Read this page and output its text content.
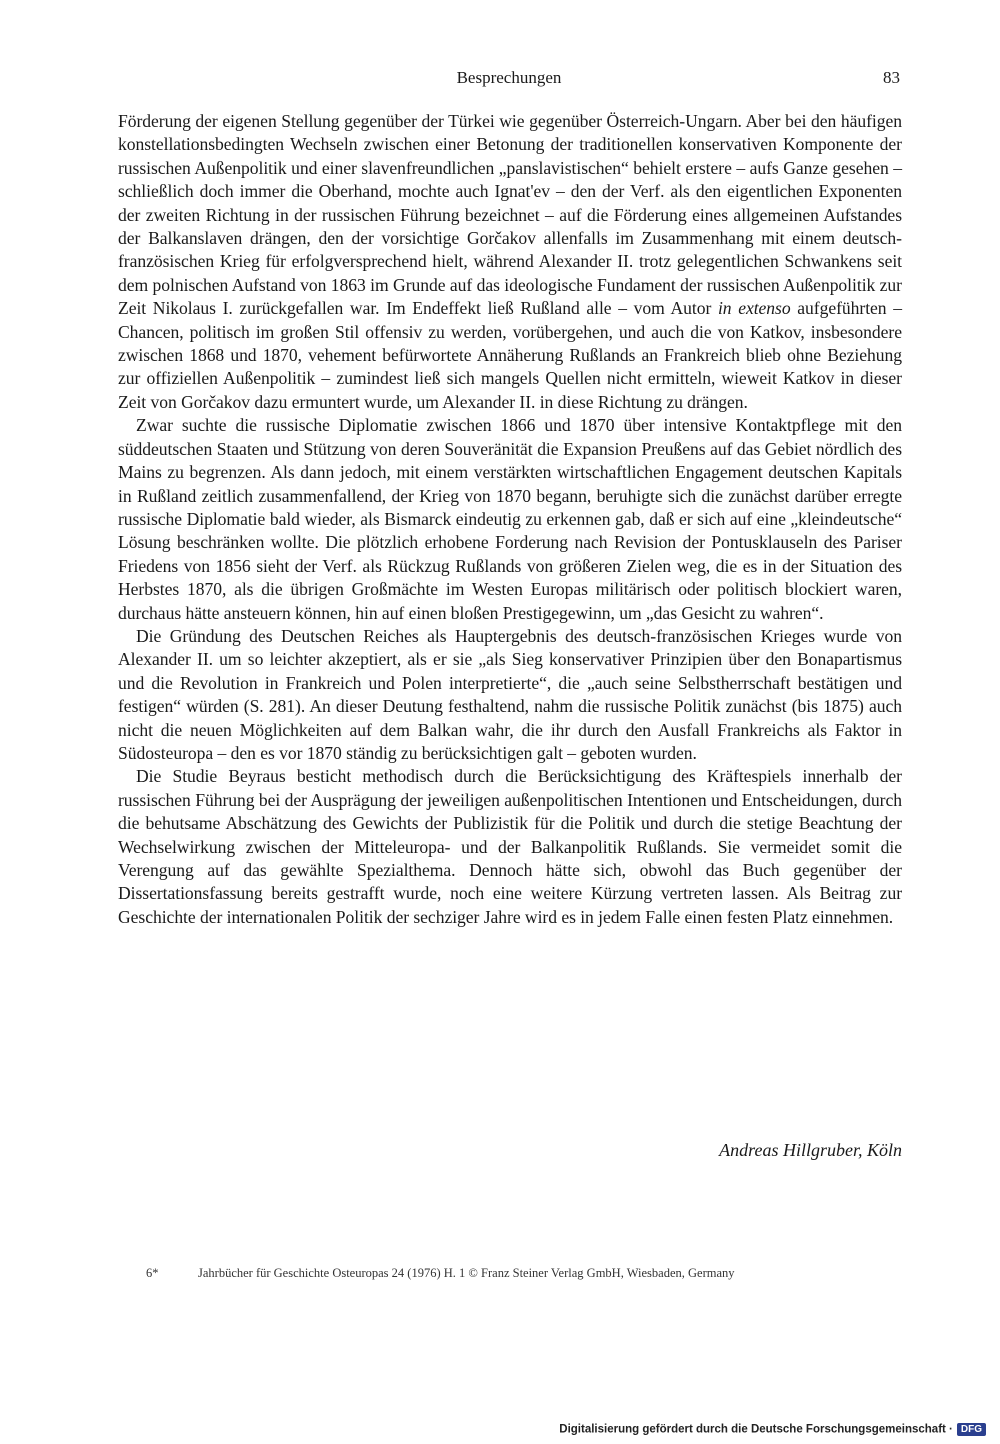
Besprechungen	83

Förderung der eigenen Stellung gegenüber der Türkei wie gegenüber Österreich-Ungarn. Aber bei den häufigen konstellationsbedingten Wechseln zwischen einer Betonung der traditionellen konservativen Komponente der russischen Außenpolitik und einer slavenfreundlichen „panslavistischen“ behielt erstere – aufs Ganze gesehen – schließlich doch immer die Oberhand, mochte auch Ignat'ev – den der Verf. als den eigentlichen Exponenten der zweiten Richtung in der russischen Führung bezeichnet – auf die Förderung eines allgemeinen Aufstandes der Balkanslaven drängen, den der vorsichtige Gorčakov allenfalls im Zusammenhang mit einem deutsch-französischen Krieg für erfolgversprechend hielt, während Alexander II. trotz gelegentlichen Schwankens seit dem polnischen Aufstand von 1863 im Grunde auf das ideologische Fundament der russischen Außenpolitik zur Zeit Nikolaus I. zurückgefallen war. Im Endeffekt ließ Rußland alle – vom Autor in extenso aufgeführten – Chancen, politisch im großen Stil offensiv zu werden, vorübergehen, und auch die von Katkov, insbesondere zwischen 1868 und 1870, vehement befürwortete Annäherung Rußlands an Frankreich blieb ohne Beziehung zur offiziellen Außenpolitik – zumindest ließ sich mangels Quellen nicht ermitteln, wieweit Katkov in dieser Zeit von Gorčakov dazu ermuntert wurde, um Alexander II. in diese Richtung zu drängen.

Zwar suchte die russische Diplomatie zwischen 1866 und 1870 über intensive Kontaktpflege mit den süddeutschen Staaten und Stützung von deren Souveränität die Expansion Preußens auf das Gebiet nördlich des Mains zu begrenzen. Als dann jedoch, mit einem verstärkten wirtschaftlichen Engagement deutschen Kapitals in Rußland zeitlich zusammenfallend, der Krieg von 1870 begann, beruhigte sich die zunächst darüber erregte russische Diplomatie bald wieder, als Bismarck eindeutig zu erkennen gab, daß er sich auf eine „kleindeutsche“ Lösung beschränken wollte. Die plötzlich erhobene Forderung nach Revision der Pontusklauseln des Pariser Friedens von 1856 sieht der Verf. als Rückzug Rußlands von größeren Zielen weg, die es in der Situation des Herbstes 1870, als die übrigen Großmächte im Westen Europas militärisch oder politisch blockiert waren, durchaus hätte ansteuern können, hin auf einen bloßen Prestigegewinn, um „das Gesicht zu wahren“.

Die Gründung des Deutschen Reiches als Hauptergebnis des deutsch-französischen Krieges wurde von Alexander II. um so leichter akzeptiert, als er sie „als Sieg konservativer Prinzipien über den Bonapartismus und die Revolution in Frankreich und Polen interpretierte“, die „auch seine Selbstherrschaft bestätigen und festigen“ würden (S. 281). An dieser Deutung festhaltend, nahm die russische Politik zunächst (bis 1875) auch nicht die neuen Möglichkeiten auf dem Balkan wahr, die ihr durch den Ausfall Frankreichs als Faktor in Südosteuropa – den es vor 1870 ständig zu berücksichtigen galt – geboten wurden.

Die Studie Beyraus besticht methodisch durch die Berücksichtigung des Kräftespiels innerhalb der russischen Führung bei der Ausprägung der jeweiligen außenpolitischen Intentionen und Entscheidungen, durch die behutsame Abschätzung des Gewichts der Publizistik für die Politik und durch die stetige Beachtung der Wechselwirkung zwischen der Mitteleuropa- und der Balkanpolitik Rußlands. Sie vermeidet somit die Verengung auf das gewählte Spezialthema. Dennoch hätte sich, obwohl das Buch gegenüber der Dissertationsfassung bereits gestrafft wurde, noch eine weitere Kürzung vertreten lassen. Als Beitrag zur Geschichte der internationalen Politik der sechziger Jahre wird es in jedem Falle einen festen Platz einnehmen.

Andreas Hillgruber, Köln
6*	Jahrbücher für Geschichte Osteuropas 24 (1976) H. 1 © Franz Steiner Verlag GmbH, Wiesbaden, Germany
Digitalisierung gefördert durch die Deutsche Forschungsgemeinschaft · DFG
